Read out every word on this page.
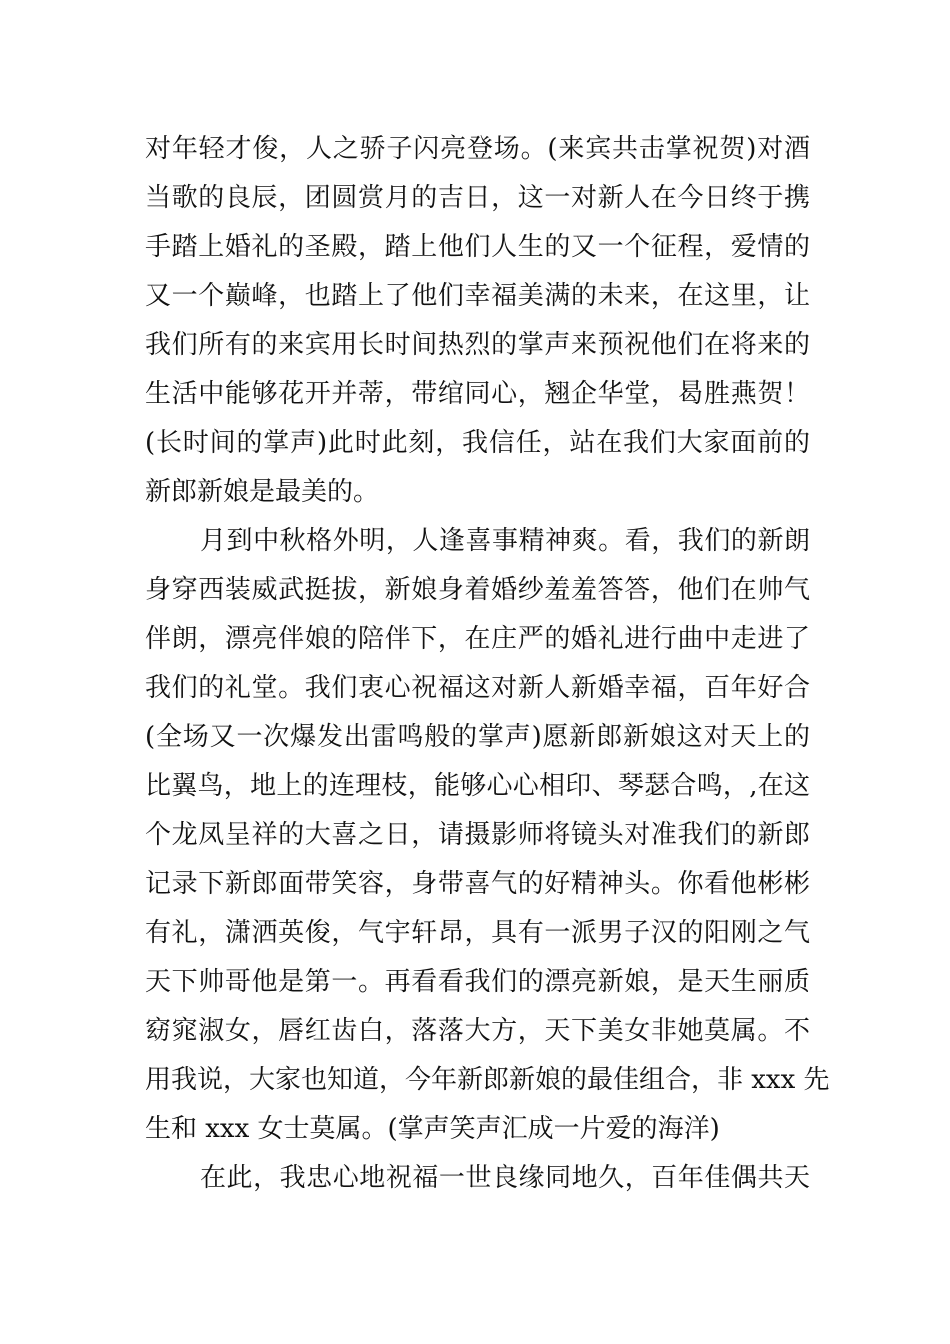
对年轻才俊，人之骄子闪亮登场。(来宾共击掌祝贺)对酒
当歌的良辰，团圆赏月的吉日，这一对新人在今日终于携
手踏上婚礼的圣殿，踏上他们人生的又一个征程，爱情的
又一个巅峰，也踏上了他们幸福美满的未来，在这里，让
我们所有的来宾用长时间热烈的掌声来预祝他们在将来的
生活中能够花开并蒂，带绾同心，翘企华堂，曷胜燕贺！
(长时间的掌声)此时此刻，我信任，站在我们大家面前的
新郎新娘是最美的。
月到中秋格外明，人逢喜事精神爽。看，我们的新朗
身穿西装威武挺拔，新娘身着婚纱羞羞答答，他们在帅气
伴朗，漂亮伴娘的陪伴下，在庄严的婚礼进行曲中走进了
我们的礼堂。我们衷心祝福这对新人新婚幸福，百年好合
(全场又一次爆发出雷鸣般的掌声)愿新郎新娘这对天上的
比翼鸟，地上的连理枝，能够心心相印、琴瑟合鸣，,在这
个龙凤呈祥的大喜之日，请摄影师将镜头对准我们的新郎
记录下新郎面带笑容，身带喜气的好精神头。你看他彬彬
有礼，潇洒英俊，气宇轩昂，具有一派男子汉的阳刚之气
天下帅哥他是第一。再看看我们的漂亮新娘，是天生丽质
窈窕淑女，唇红齿白，落落大方，天下美女非她莫属。不
用我说，大家也知道，今年新郎新娘的最佳组合，非 xxx 先
生和 xxx 女士莫属。(掌声笑声汇成一片爱的海洋)
在此，我忠心地祝福一世良缘同地久，百年佳偶共天
